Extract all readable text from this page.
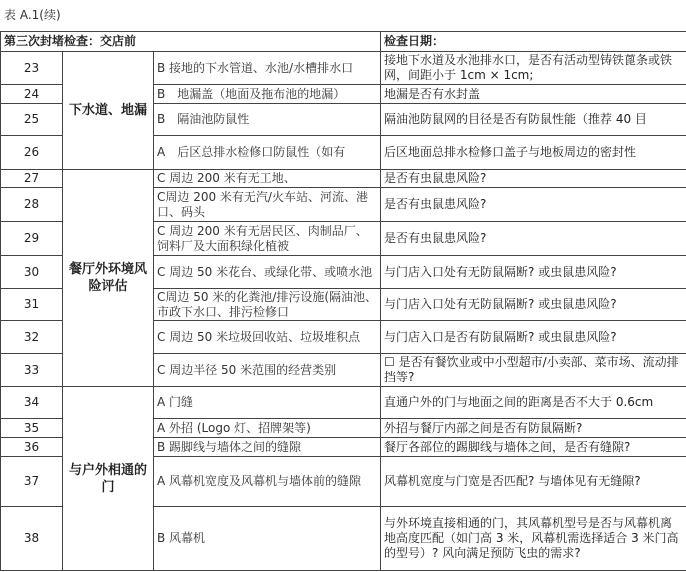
表 A.1(续)
第三次封堵检查：交店前			检查日期：
23	下水道、地漏	B 接地的下水管道、水池/水槽排水口	接地下水道及水池排水口，是否有活动型铸铁蓖条或铁网，间距小于 1cm × 1cm;
24		B　地漏盖（地面及拖布池的地漏）	地漏是否有水封盖
25		B　隔油池防鼠性	隔油池防鼠网的目径是否有防鼠性能（推荐 40 目
26		A　后区总排水检修口防鼠性（如有	后区地面总排水检修口盖子与地板周边的密封性
27	餐厅外环境风险评估	C 周边 200 米有无工地、	是否有虫鼠患风险?
28		C周边 200 米有无汽/火车站、河流、港口、码头	是否有虫鼠患风险?
29		C 周边 200 米有无居民区、肉制品厂、饲料厂及大面积绿化植被	是否有虫鼠患风险?
30		C 周边 50 米花台、或绿化带、或喷水池	与门店入口处有无防鼠隔断? 或虫鼠患风险?
31		C周边 50 米的化粪池/排污设施(隔油池、市政下水口、排污检修口	与门店入口处有无防鼠隔断? 或虫鼠患风险?
32		C 周边 50 米垃圾回收站、垃圾堆积点	与门店入口是否有防鼠隔断? 或虫鼠患风险?
33		C 周边半径 50 米范围的经营类别	☐ 是否有餐饮业或中小型超市/小卖部、菜市场、流动排挡等?
34	与户外相通的门	A 门缝	直通户外的门与地面之间的距离是否不大于 0.6cm
35		A 外招 (Logo 灯、招牌架等)	外招与餐厅内部之间是否有防鼠隔断?
36		B 踢脚线与墙体之间的缝隙	餐厅各部位的踢脚线与墙体之间，是否有缝隙?
37		A 风幕机宽度及风幕机与墙体前的缝隙	风幕机宽度与门宽是否匹配? 与墙体见有无缝隙?
38		B 风幕机	与外环境直接相通的门，其风幕机型号是否与风幕机离地高度匹配（如门高 3 米，风幕机需选择适合 3 米门高的型号）? 风向满足预防飞虫的需求?
